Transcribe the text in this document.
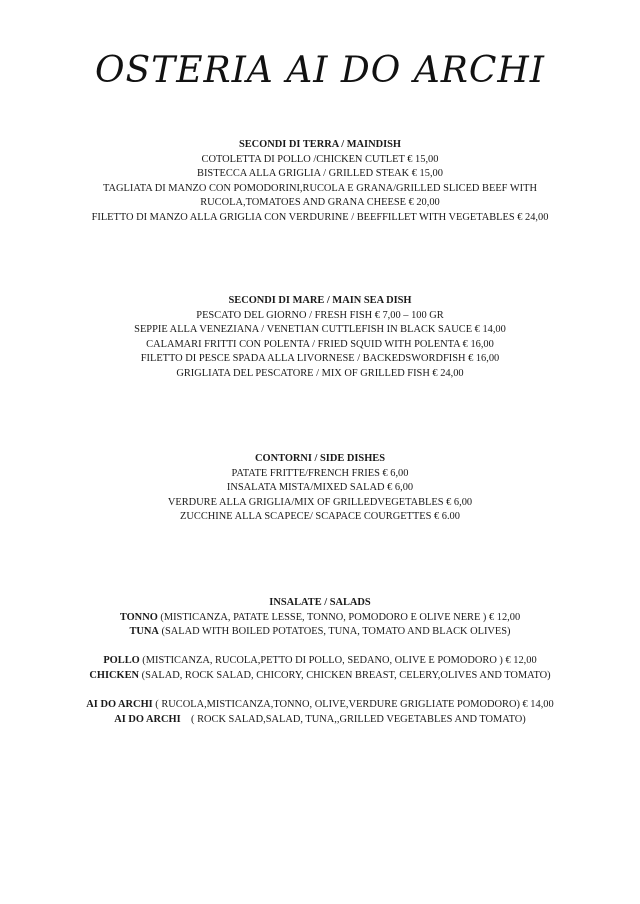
OSTERIA AI DO ARCHI
SECONDI DI TERRA / MAINDISH
COTOLETTA DI POLLO /CHICKEN CUTLET € 15,00
BISTECCA ALLA GRIGLIA / GRILLED STEAK € 15,00
TAGLIATA DI MANZO CON POMODORINI,RUCOLA E GRANA/GRILLED SLICED BEEF WITH
RUCOLA,TOMATOES AND GRANA CHEESE € 20,00
FILETTO DI MANZO ALLA GRIGLIA CON VERDURINE / BEEFFILLET WITH VEGETABLES € 24,00
SECONDI DI MARE / MAIN SEA DISH
PESCATO DEL GIORNO / FRESH FISH € 7,00 – 100 GR
SEPPIE ALLA VENEZIANA / VENETIAN CUTTLEFISH IN BLACK SAUCE € 14,00
CALAMARI FRITTI CON POLENTA / FRIED SQUID WITH POLENTA € 16,00
FILETTO DI PESCE SPADA ALLA LIVORNESE / BACKEDSWORDFISH € 16,00
GRIGLIATA DEL PESCATORE / MIX OF GRILLED FISH € 24,00
CONTORNI / SIDE DISHES
PATATE FRITTE/FRENCH FRIES € 6,00
INSALATA MISTA/MIXED SALAD € 6,00
VERDURE ALLA GRIGLIA/MIX OF GRILLEDVEGETABLES € 6,00
ZUCCHINE ALLA SCAPECE/ SCAPACE COURGETTES € 6.00
INSALATE / SALADS
TONNO (MISTICANZA, PATATE LESSE, TONNO, POMODORO E OLIVE NERE ) € 12,00
TUNA (SALAD WITH BOILED POTATOES, TUNA, TOMATO AND BLACK OLIVES)
POLLO (MISTICANZA, RUCOLA,PETTO DI POLLO, SEDANO, OLIVE E POMODORO ) € 12,00
CHICKEN (SALAD, ROCK SALAD, CHICORY, CHICKEN BREAST, CELERY,OLIVES AND TOMATO)
AI DO ARCHI ( RUCOLA,MISTICANZA,TONNO, OLIVE,VERDURE GRIGLIATE POMODORO) € 14,00
AI DO ARCHI    ( ROCK SALAD,SALAD, TUNA,,GRILLED VEGETABLES AND TOMATO)
